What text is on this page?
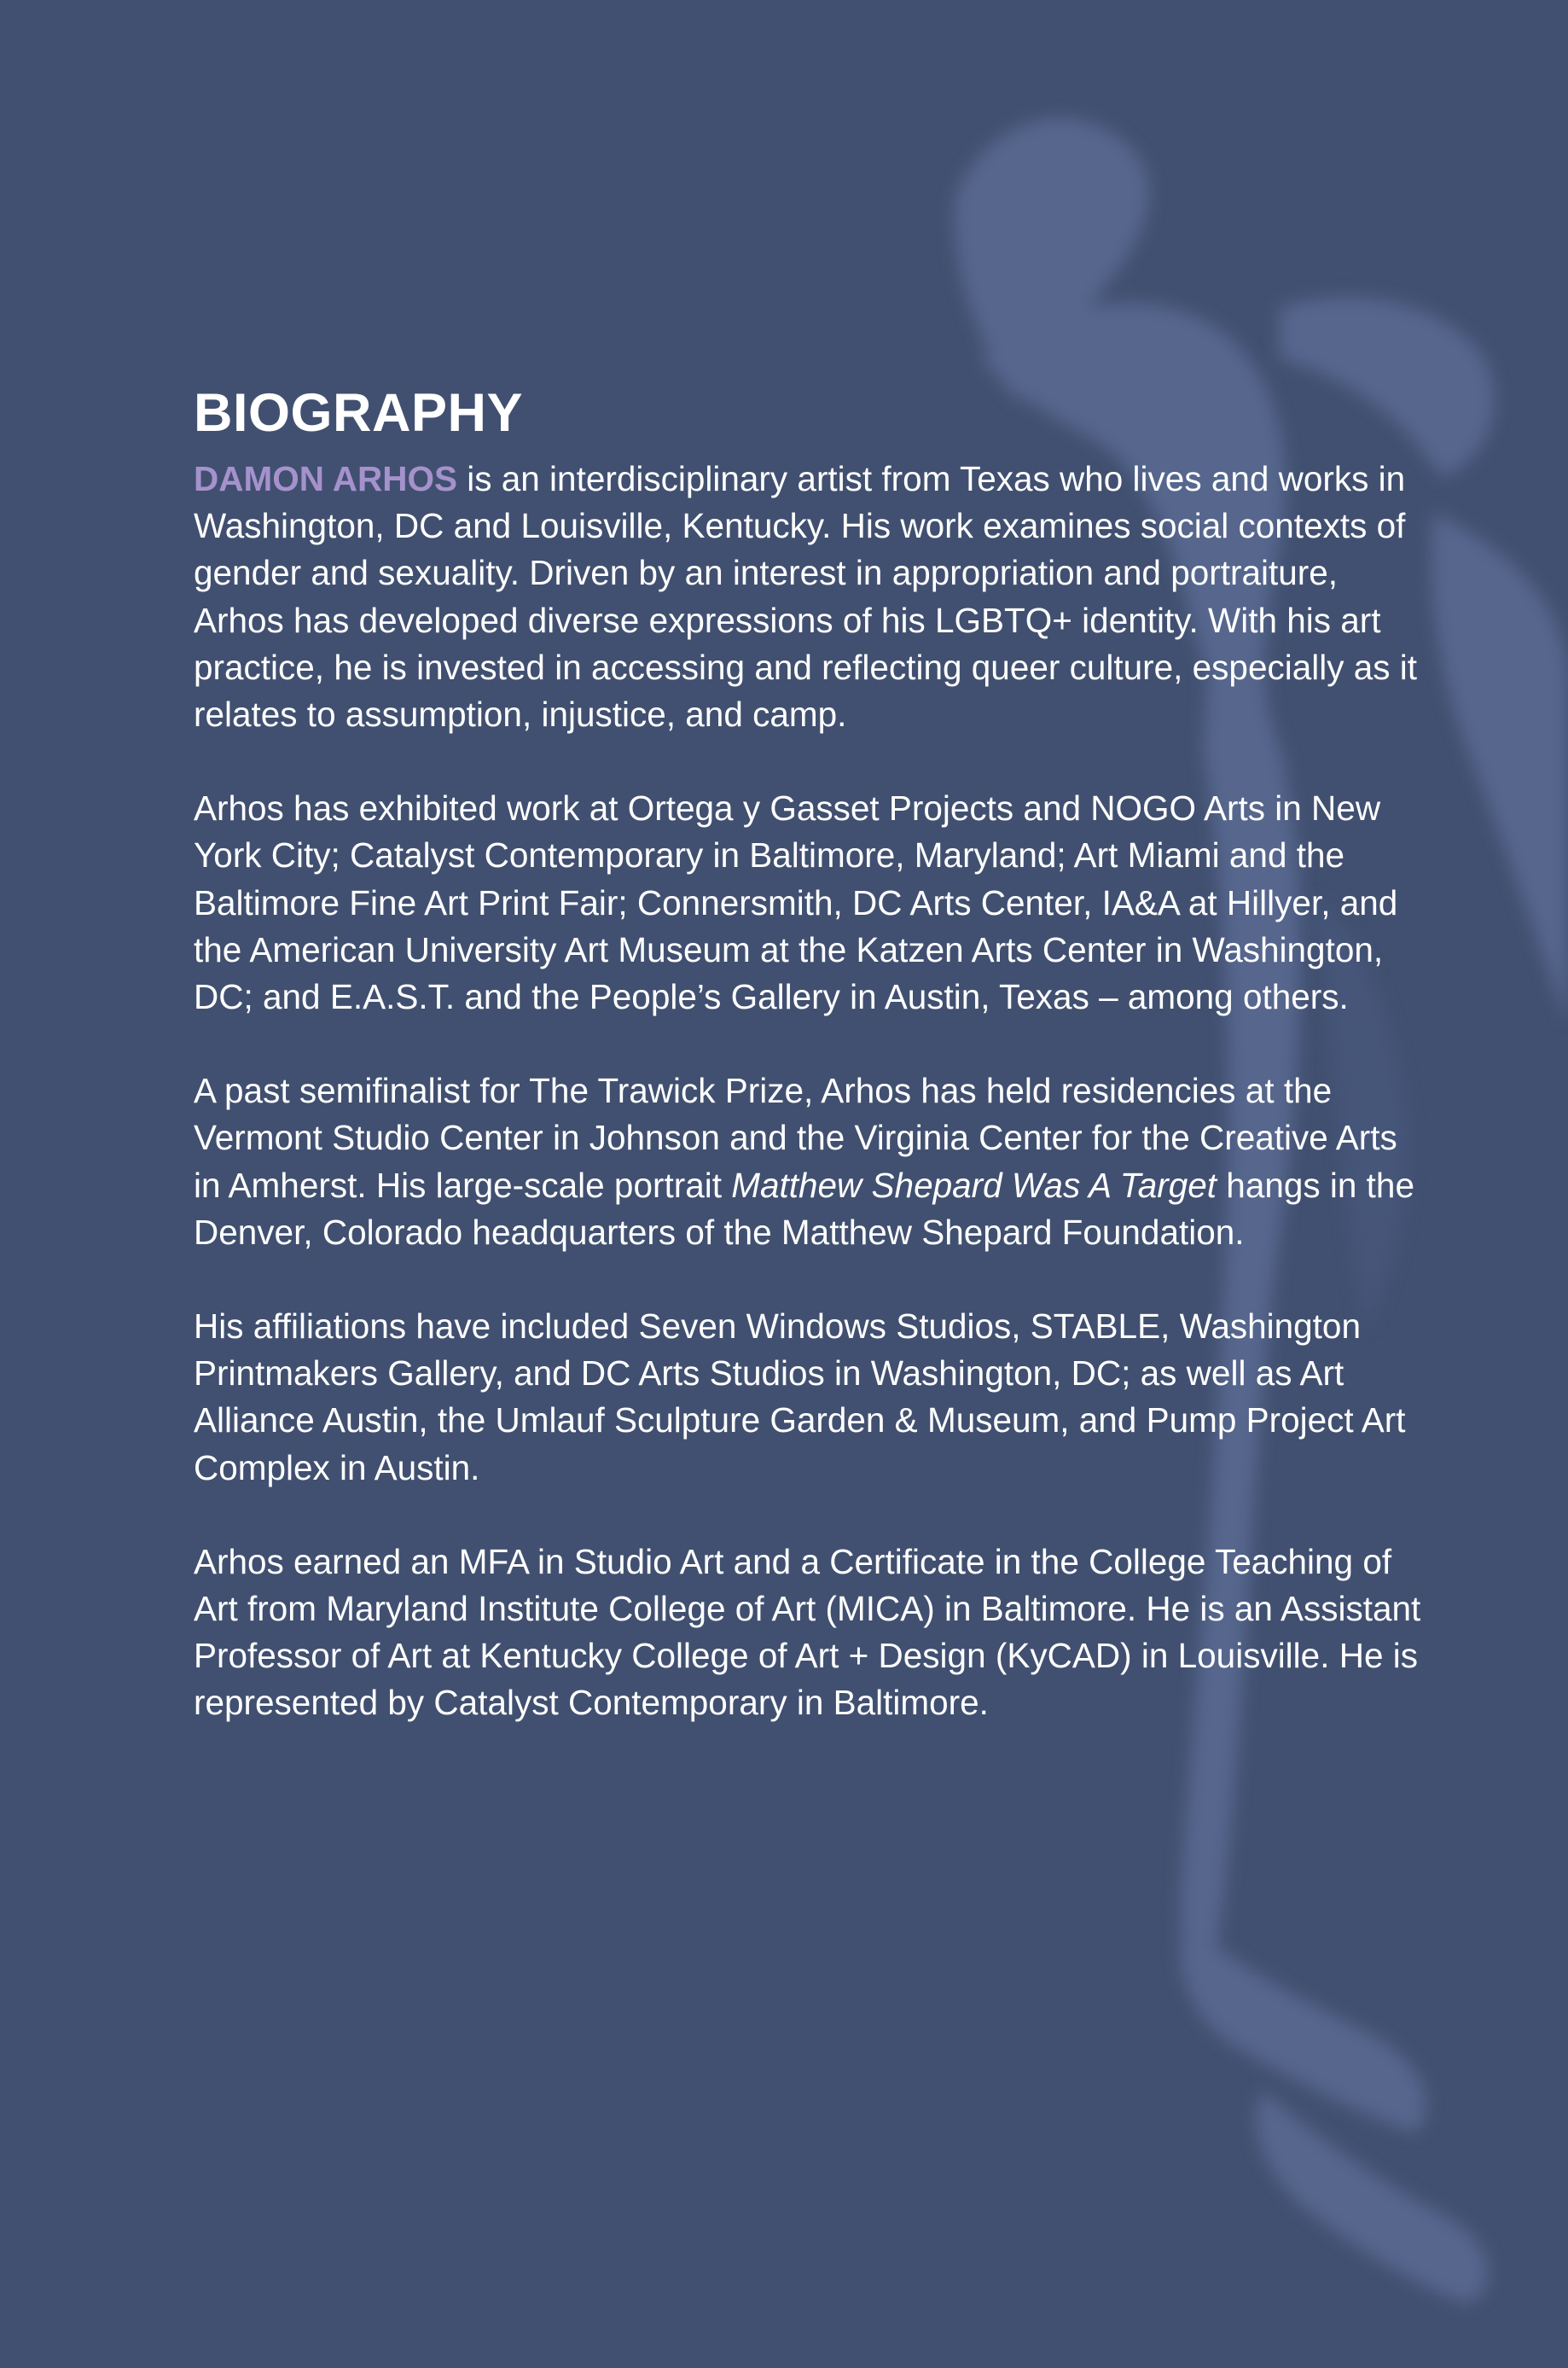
BIOGRAPHY

DAMON ARHOS is an interdisciplinary artist from Texas who lives and works in Washington, DC and Louisville, Kentucky. His work examines social contexts of gender and sexuality. Driven by an interest in appropriation and portraiture, Arhos has developed diverse expressions of his LGBTQ+ identity. With his art practice, he is invested in accessing and reflecting queer culture, especially as it relates to assumption, injustice, and camp.

Arhos has exhibited work at Ortega y Gasset Projects and NOGO Arts in New York City; Catalyst Contemporary in Baltimore, Maryland; Art Miami and the Baltimore Fine Art Print Fair; Connersmith, DC Arts Center, IA&A at Hillyer, and the American University Art Museum at the Katzen Arts Center in Washington, DC; and E.A.S.T. and the People’s Gallery in Austin, Texas – among others.

A past semifinalist for The Trawick Prize, Arhos has held residencies at the Vermont Studio Center in Johnson and the Virginia Center for the Creative Arts in Amherst. His large-scale portrait Matthew Shepard Was A Target hangs in the Denver, Colorado headquarters of the Matthew Shepard Foundation.

His affiliations have included Seven Windows Studios, STABLE, Washington Printmakers Gallery, and DC Arts Studios in Washington, DC; as well as Art Alliance Austin, the Umlauf Sculpture Garden & Museum, and Pump Project Art Complex in Austin.

Arhos earned an MFA in Studio Art and a Certificate in the College Teaching of Art from Maryland Institute College of Art (MICA) in Baltimore. He is an Assistant Professor of Art at Kentucky College of Art + Design (KyCAD) in Louisville. He is represented by Catalyst Contemporary in Baltimore.
